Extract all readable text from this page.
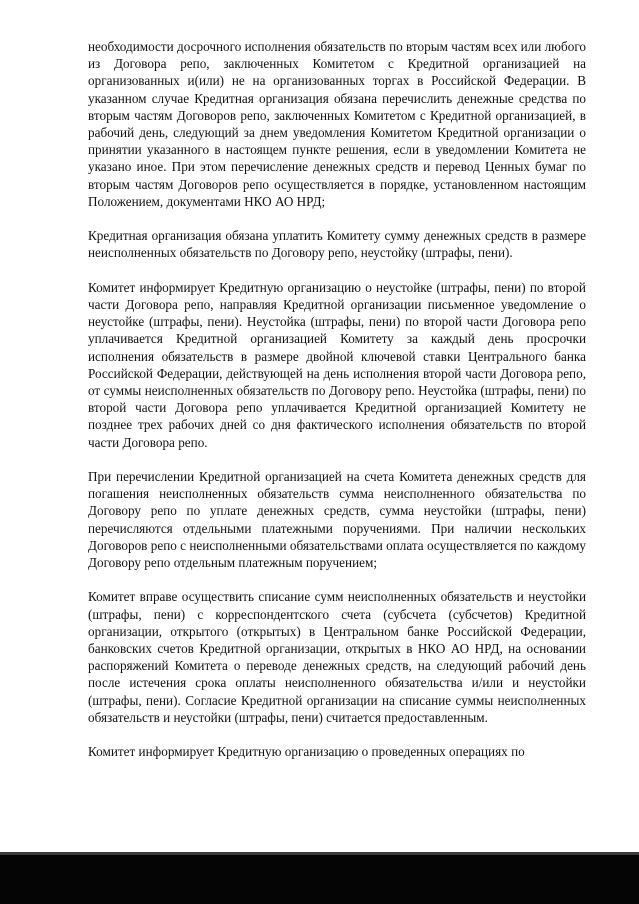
необходимости досрочного исполнения обязательств по вторым частям всех или любого из Договора репо, заключенных Комитетом с Кредитной организацией на организованных и(или) не на организованных торгах в Российской Федерации. В указанном случае Кредитная организация обязана перечислить денежные средства по вторым частям Договоров репо, заключенных Комитетом с Кредитной организацией, в рабочий день, следующий за днем уведомления Комитетом Кредитной организации о принятии указанного в настоящем пункте решения, если в уведомлении Комитета не указано иное. При этом перечисление денежных средств и перевод Ценных бумаг по вторым частям Договоров репо осуществляется в порядке, установленном настоящим Положением, документами НКО АО НРД;

Кредитная организация обязана уплатить Комитету сумму денежных средств в размере неисполненных обязательств по Договору репо, неустойку (штрафы, пени).

Комитет информирует Кредитную организацию о неустойке (штрафы, пени) по второй части Договора репо, направляя Кредитной организации письменное уведомление о неустойке (штрафы, пени). Неустойка (штрафы, пени) по второй части Договора репо уплачивается Кредитной организацией Комитету за каждый день просрочки исполнения обязательств в размере двойной ключевой ставки Центрального банка Российской Федерации, действующей на день исполнения второй части Договора репо, от суммы неисполненных обязательств по Договору репо. Неустойка (штрафы, пени) по второй части Договора репо уплачивается Кредитной организацией Комитету не позднее трех рабочих дней со дня фактического исполнения обязательств по второй части Договора репо.

При перечислении Кредитной организацией на счета Комитета денежных средств для погашения неисполненных обязательств сумма неисполненного обязательства по Договору репо по уплате денежных средств, сумма неустойки (штрафы, пени) перечисляются отдельными платежными поручениями. При наличии нескольких Договоров репо с неисполненными обязательствами оплата осуществляется по каждому Договору репо отдельным платежным поручением;

Комитет вправе осуществить списание сумм неисполненных обязательств и неустойки (штрафы, пени) с корреспондентского счета (субсчета (субсчетов) Кредитной организации, открытого (открытых) в Центральном банке Российской Федерации, банковских счетов Кредитной организации, открытых в НКО АО НРД, на основании распоряжений Комитета о переводе денежных средств, на следующий рабочий день после истечения срока оплаты неисполненного обязательства и/или и неустойки (штрафы, пени). Согласие Кредитной организации на списание суммы неисполненных обязательств и неустойки (штрафы, пени) считается предоставленным.

Комитет информирует Кредитную организацию о проведенных операциях по
